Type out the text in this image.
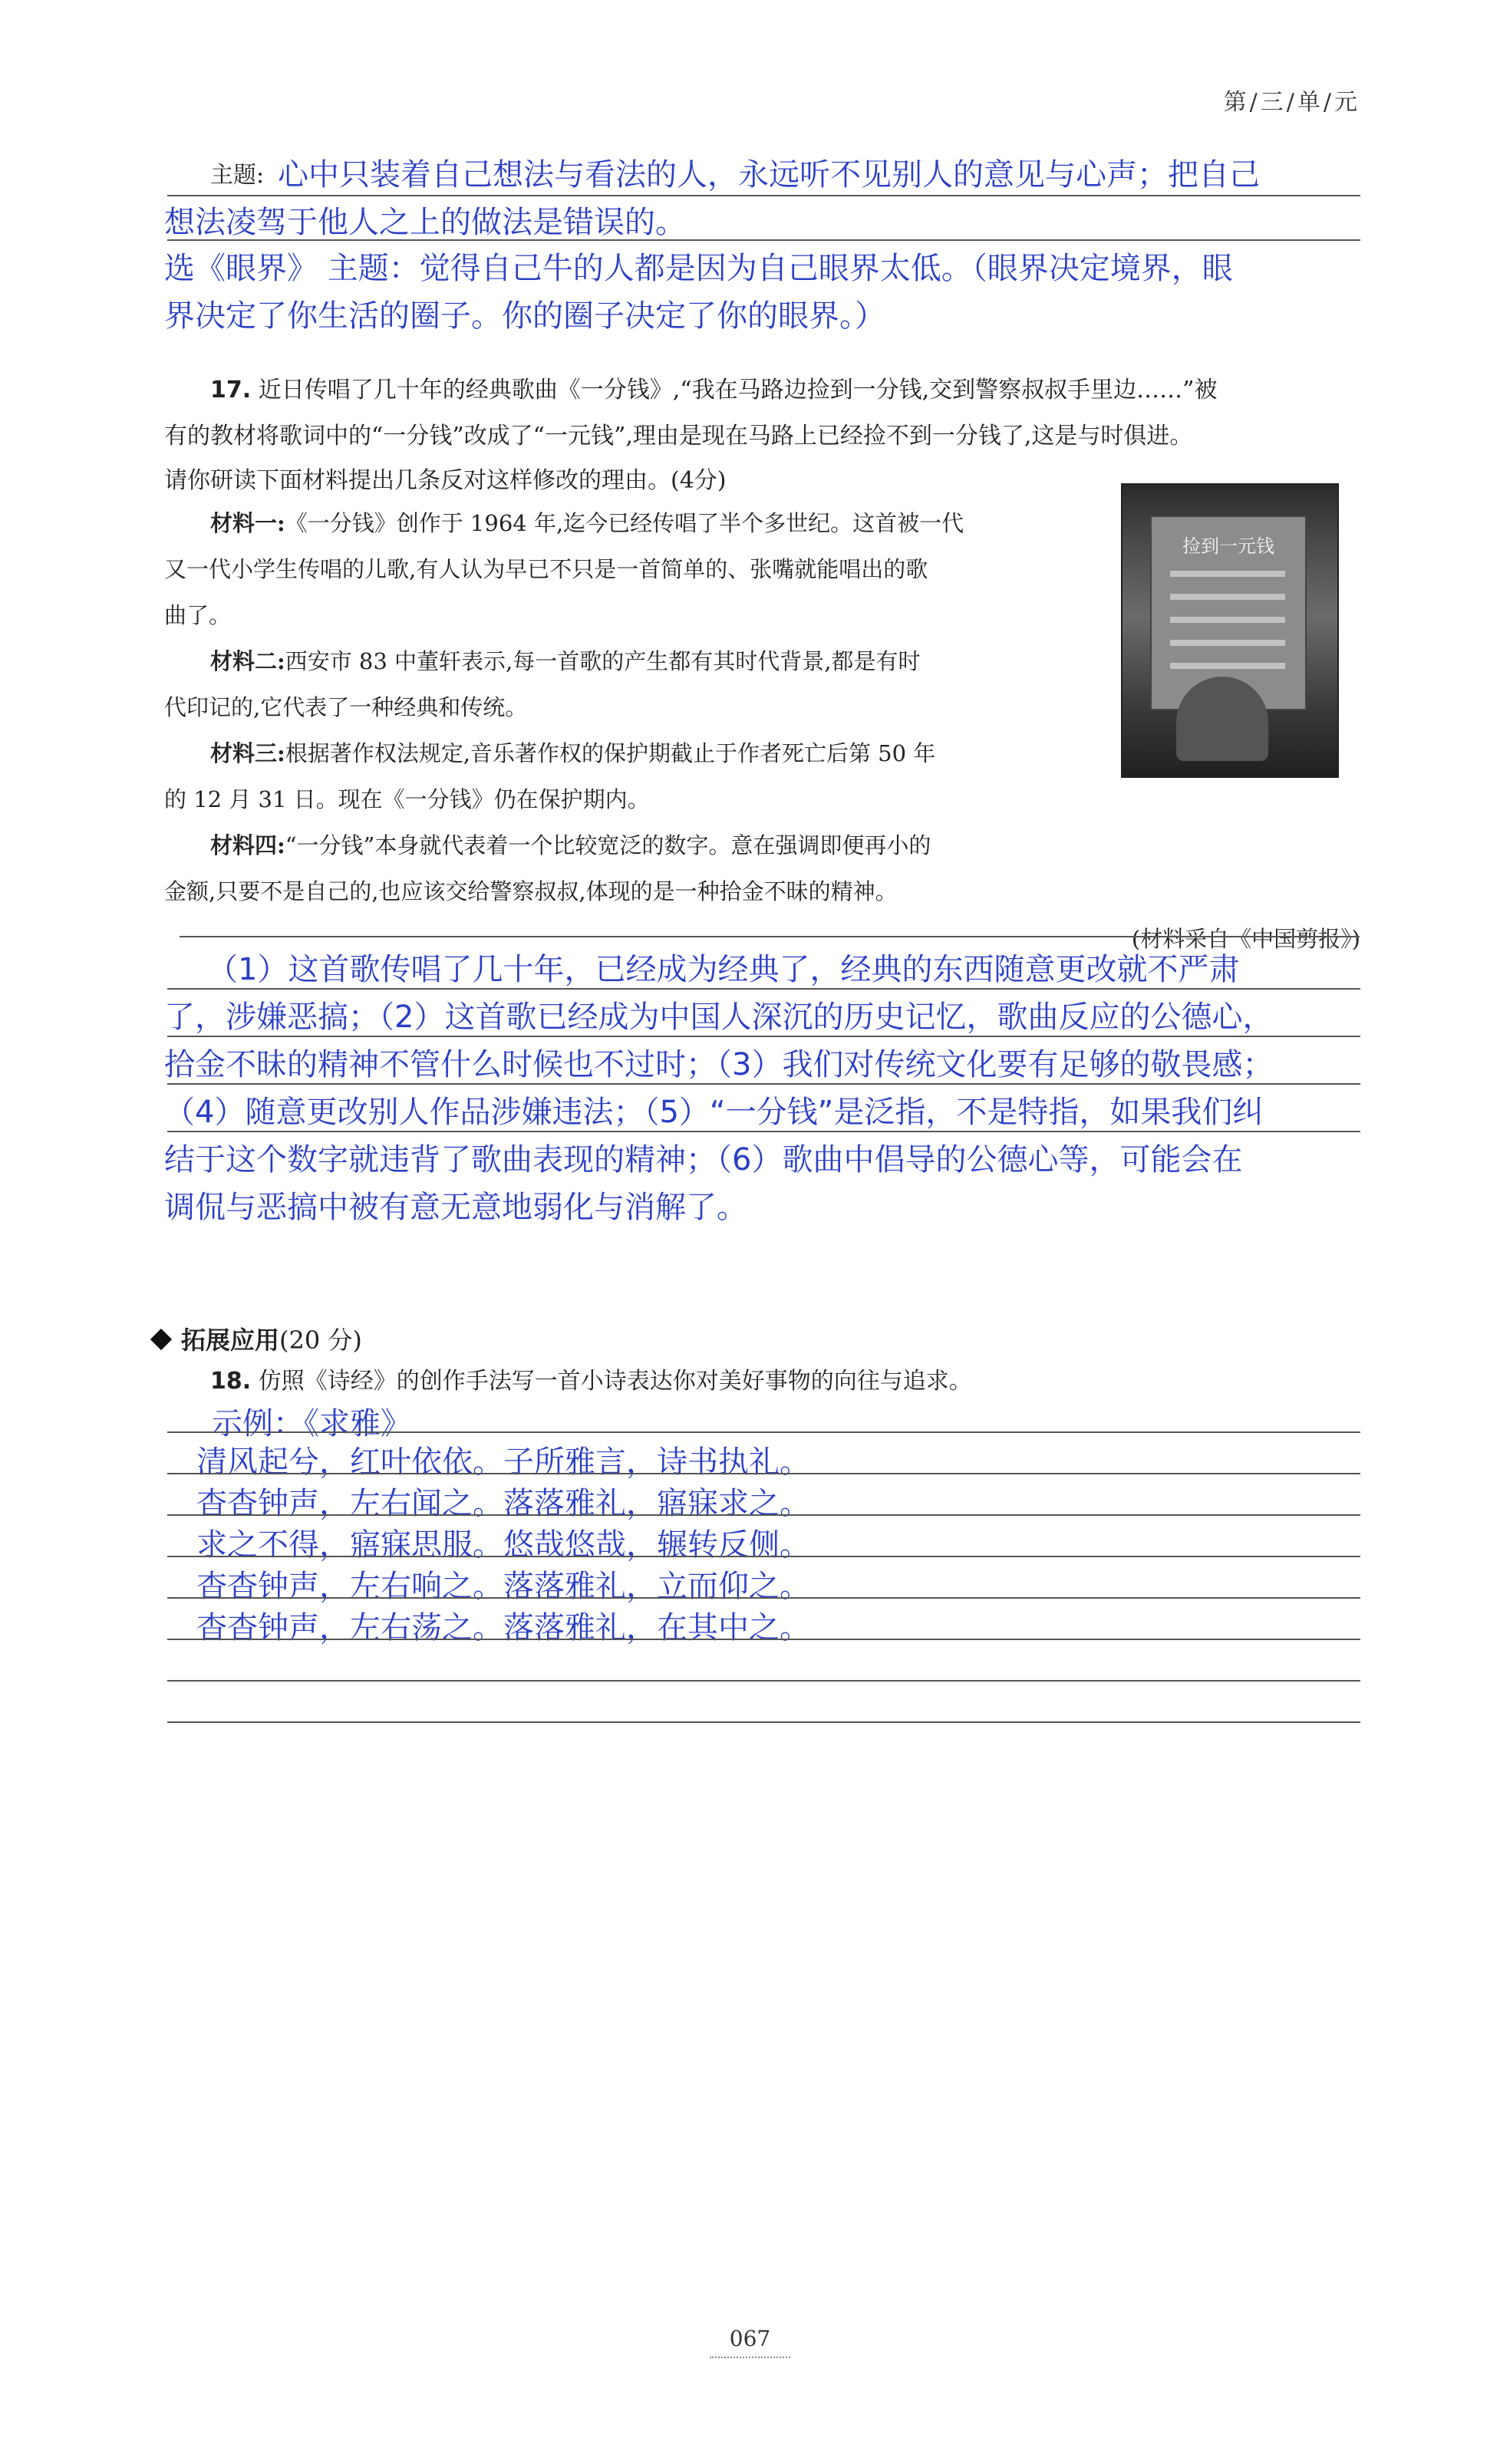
第/三/单/元
主题: 心中只装着自己想法与看法的人，永远听不见别人的意见与心声；把自己
想法凌驾于他人之上的做法是错误的。
选《眼界》 主题：觉得自己牛的人都是因为自己眼界太低。（眼界决定境界，眼
界决定了你生活的圈子。你的圈子决定了你的眼界。）
17. 近日传唱了几十年的经典歌曲《一分钱》,“我在马路边捡到一分钱,交到警察叔叔手里边……”被
有的教材将歌词中的“一分钱”改成了“一元钱”,理由是现在马路上已经捡不到一分钱了,这是与时俱进。
请你研读下面材料提出几条反对这样修改的理由。(4分)
材料一:《一分钱》创作于 1964 年,迄今已经传唱了半个多世纪。这首被一代
又一代小学生传唱的儿歌,有人认为早已不只是一首简单的、张嘴就能唱出的歌
曲了。
材料二:西安市 83 中董轩表示,每一首歌的产生都有其时代背景,都是有时
代印记的,它代表了一种经典和传统。
材料三:根据著作权法规定,音乐著作权的保护期截止于作者死亡后第 50 年
的 12 月 31 日。现在《一分钱》仍在保护期内。
材料四:“一分钱”本身就代表着一个比较宽泛的数字。意在强调即便再小的
金额,只要不是自己的,也应该交给警察叔叔,体现的是一种拾金不昧的精神。
(材料采自《中国剪报》)
捡到一元钱
（1）这首歌传唱了几十年，已经成为经典了，经典的东西随意更改就不严肃
了，涉嫌恶搞；（2）这首歌已经成为中国人深沉的历史记忆，歌曲反应的公德心，
拾金不昧的精神不管什么时候也不过时；（3）我们对传统文化要有足够的敬畏感；
（4）随意更改别人作品涉嫌违法；（5）“一分钱”是泛指，不是特指，如果我们纠
结于这个数字就违背了歌曲表现的精神；（6）歌曲中倡导的公德心等，可能会在
调侃与恶搞中被有意无意地弱化与消解了。
拓展应用(20 分)
18. 仿照《诗经》的创作手法写一首小诗表达你对美好事物的向往与追求。
示例：《求雅》
清风起兮，红叶依依。子所雅言，诗书执礼。
杳杳钟声，左右闻之。落落雅礼，寤寐求之。
求之不得，寤寐思服。悠哉悠哉，辗转反侧。
杳杳钟声，左右响之。落落雅礼，立而仰之。
杳杳钟声，左右荡之。落落雅礼，在其中之。
067
